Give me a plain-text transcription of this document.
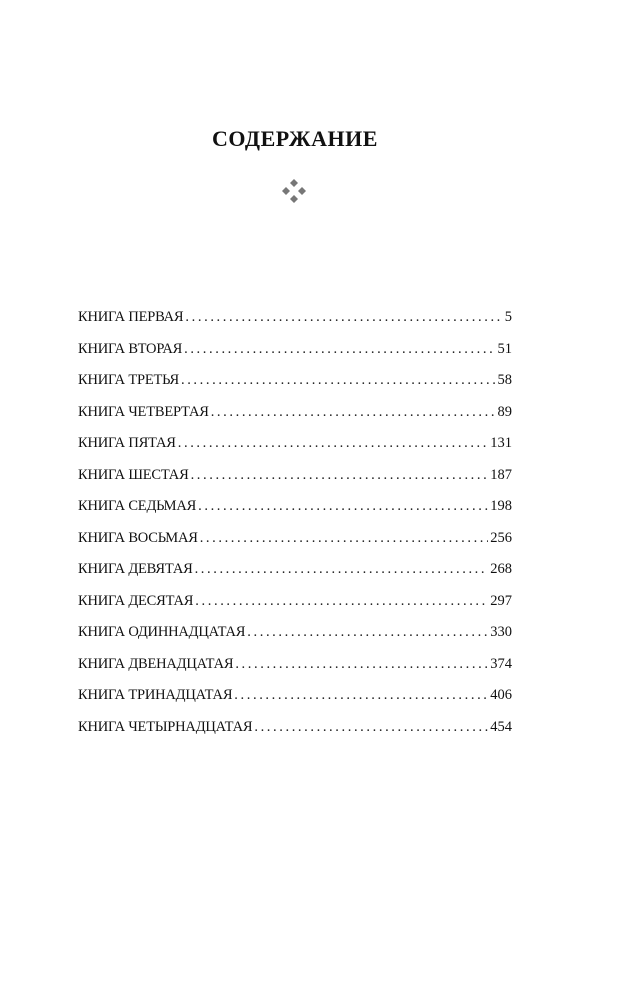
СОДЕРЖАНИЕ
КНИГА ПЕРВАЯ .....	5
КНИГА ВТОРАЯ .....	51
КНИГА ТРЕТЬЯ .....	58
КНИГА ЧЕТВЕРТАЯ .....	89
КНИГА ПЯТАЯ .....	131
КНИГА ШЕСТАЯ .....	187
КНИГА СЕДЬМАЯ .....	198
КНИГА ВОСЬМАЯ .....	256
КНИГА ДЕВЯТАЯ .....	268
КНИГА ДЕСЯТАЯ .....	297
КНИГА ОДИННАДЦАТАЯ .....	330
КНИГА ДВЕНАДЦАТАЯ .....	374
КНИГА ТРИНАДЦАТАЯ .....	406
КНИГА ЧЕТЫРНАДЦАТАЯ .....	454
